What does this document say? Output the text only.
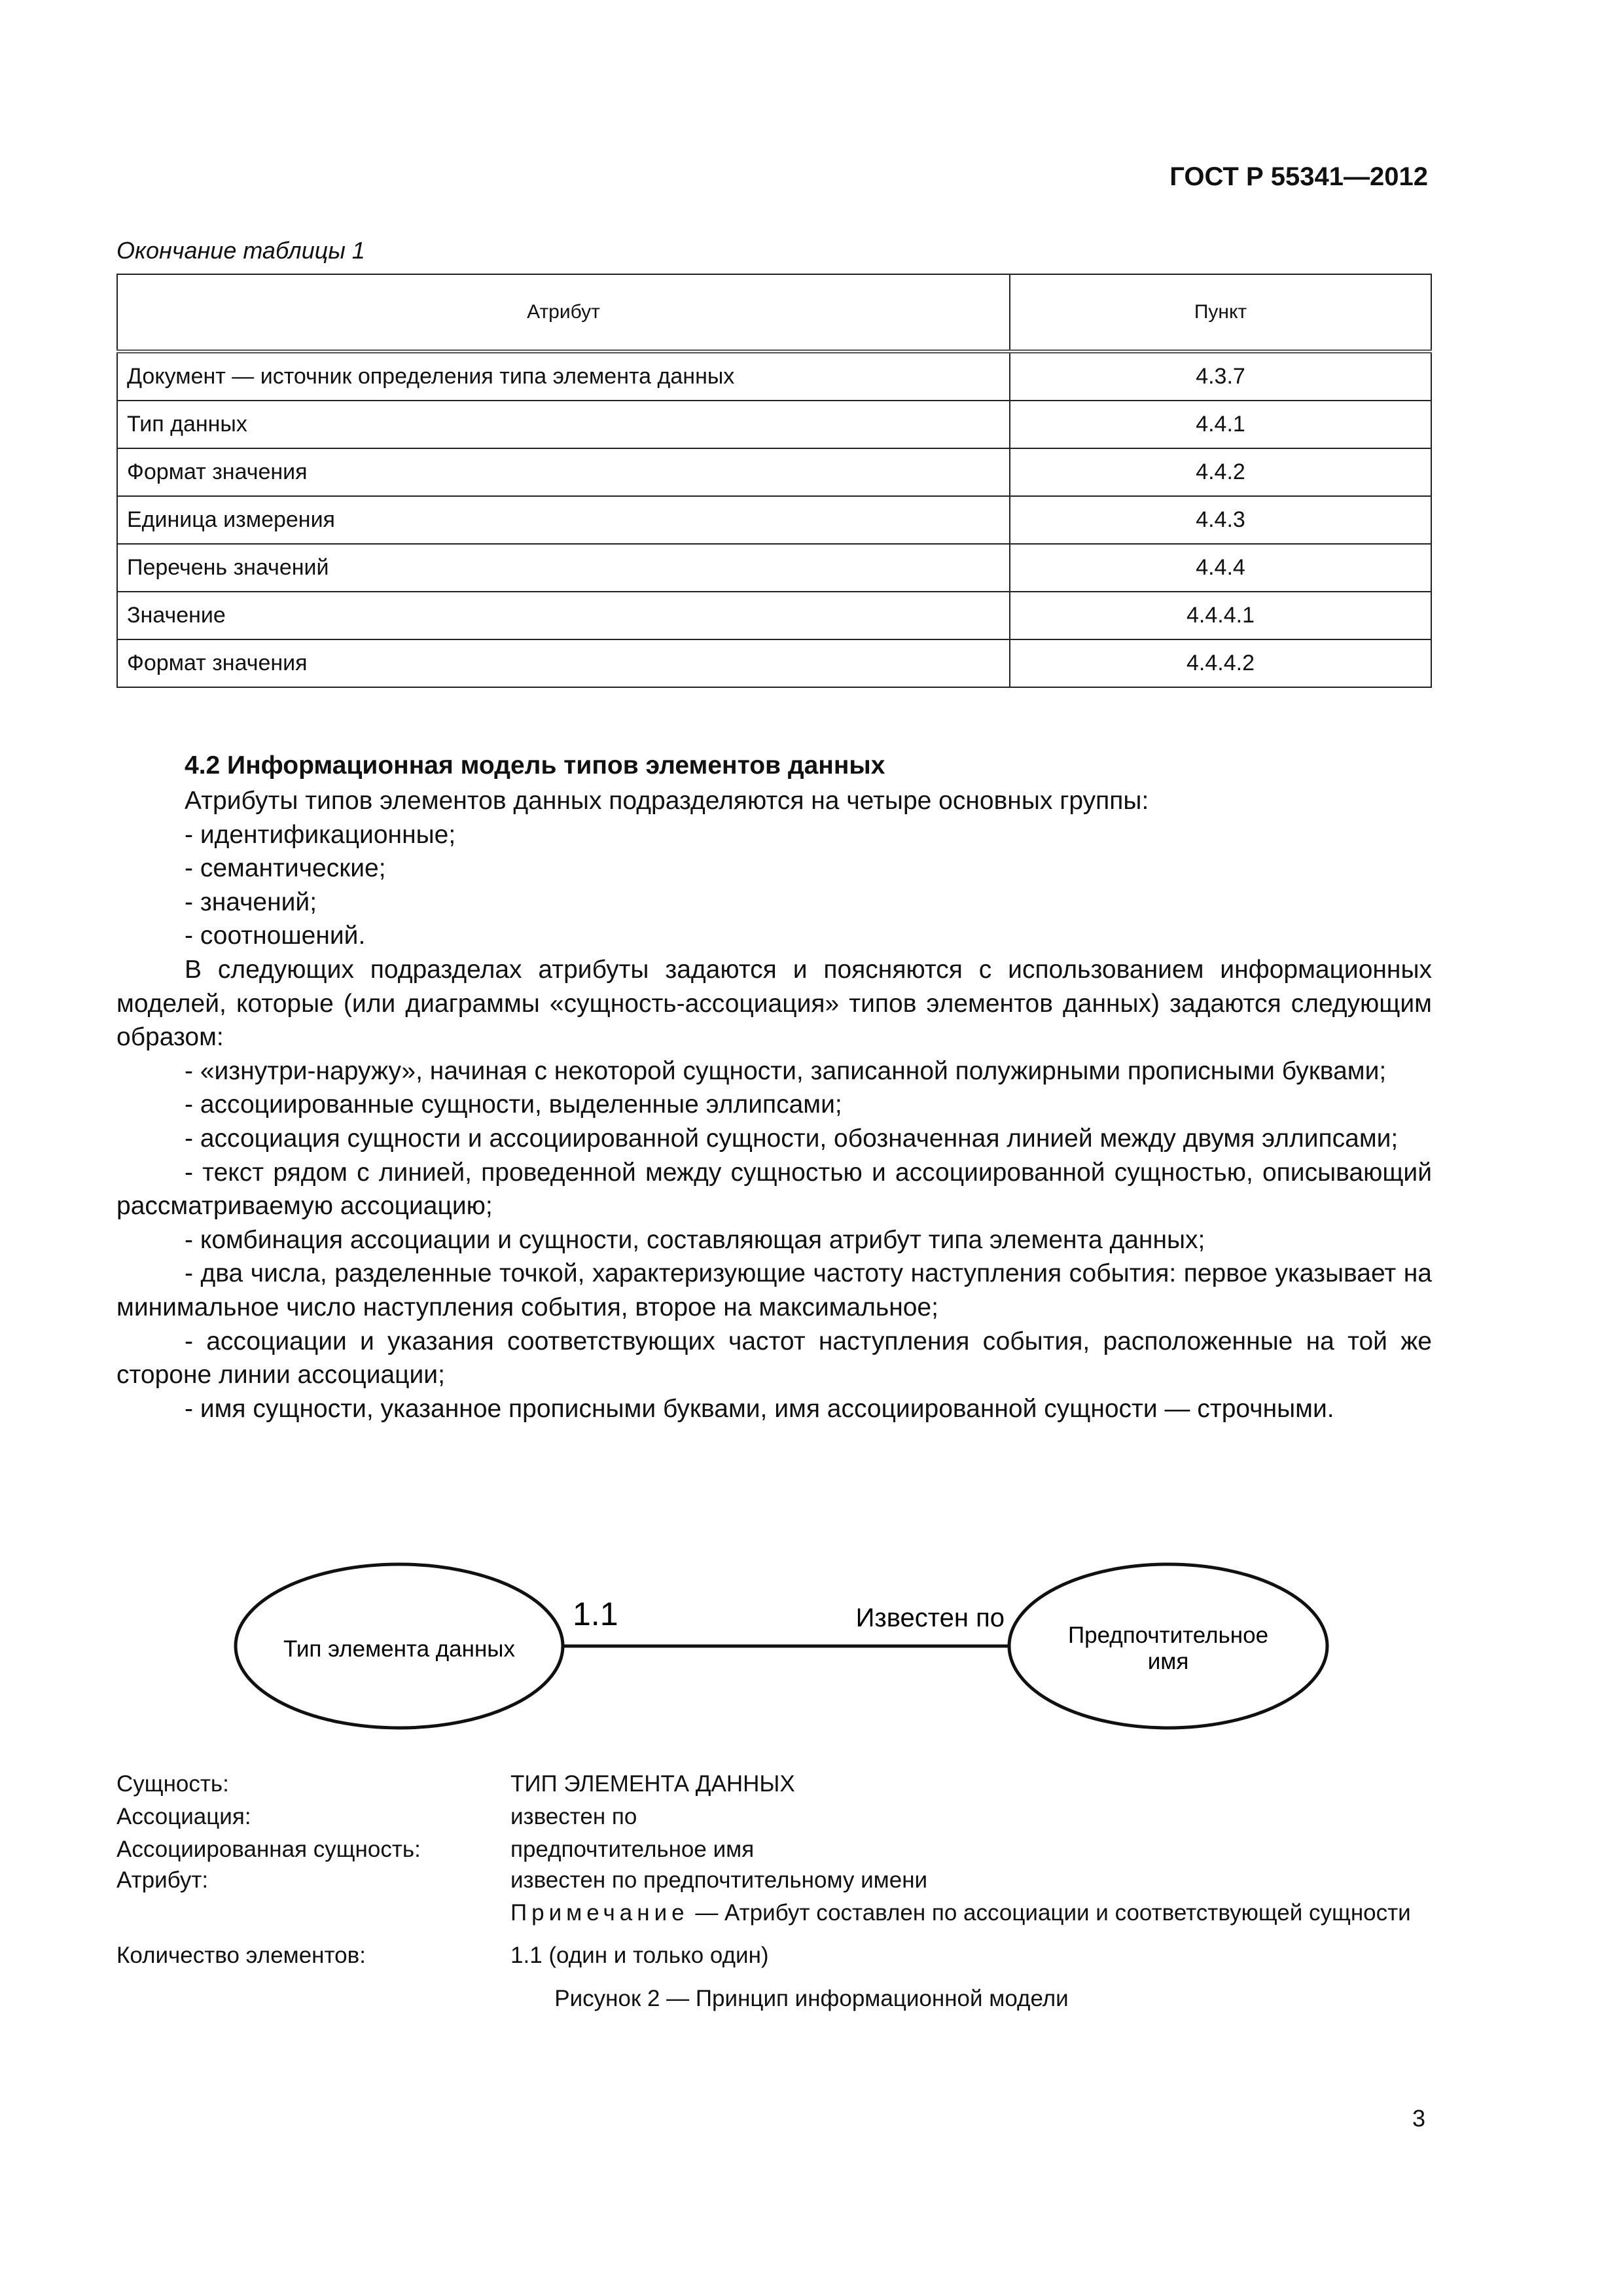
ГОСТ Р 55341—2012
Окончание таблицы 1
Атрибут	Пункт
Документ — источник определения типа элемента данных	4.3.7
Тип данных	4.4.1
Формат значения	4.4.2
Единица измерения	4.4.3
Перечень значений	4.4.4
Значение	4.4.4.1
Формат значения	4.4.4.2
4.2 Информационная модель типов элементов данных

Атрибуты типов элементов данных подразделяются на четыре основных группы:

- идентификационные;

- семантические;

- значений;

- соотношений.

В следующих подразделах атрибуты задаются и поясняются с использованием информационных моделей, которые (или диаграммы «сущность-ассоциация» типов элементов данных) задаются следующим образом:

- «изнутри-наружу», начиная с некоторой сущности, записанной полужирными прописными буквами;

- ассоциированные сущности, выделенные эллипсами;

- ассоциация сущности и ассоциированной сущности, обозначенная линией между двумя эллипсами;

- текст рядом с линией, проведенной между сущностью и ассоциированной сущностью, описывающий рассматриваемую ассоциацию;

- комбинация ассоциации и сущности, составляющая атрибут типа элемента данных;

- два числа, разделенные точкой, характеризующие частоту наступления события: первое указывает на минимальное число наступления события, второе на максимальное;

- ассоциации и указания соответствующих частот наступления события, расположенные на той же стороне линии ассоциации;

- имя сущности, указанное прописными буквами, имя ассоциированной сущности — строчными.

Тип элемента данных
1.1	Известен по
Предпочтительное
имя
Сущность:	ТИП ЭЛЕМЕНТА ДАННЫХ
Ассоциация:	известен по
Ассоциированная сущность:	предпочтительное имя
Атрибут:	известен по предпочтительному имени
Примечание — Атрибут составлен по ассоциации и соответствующей сущности
Количество элементов:	1.1 (один и только один)
Рисунок 2 — Принцип информационной модели
3
